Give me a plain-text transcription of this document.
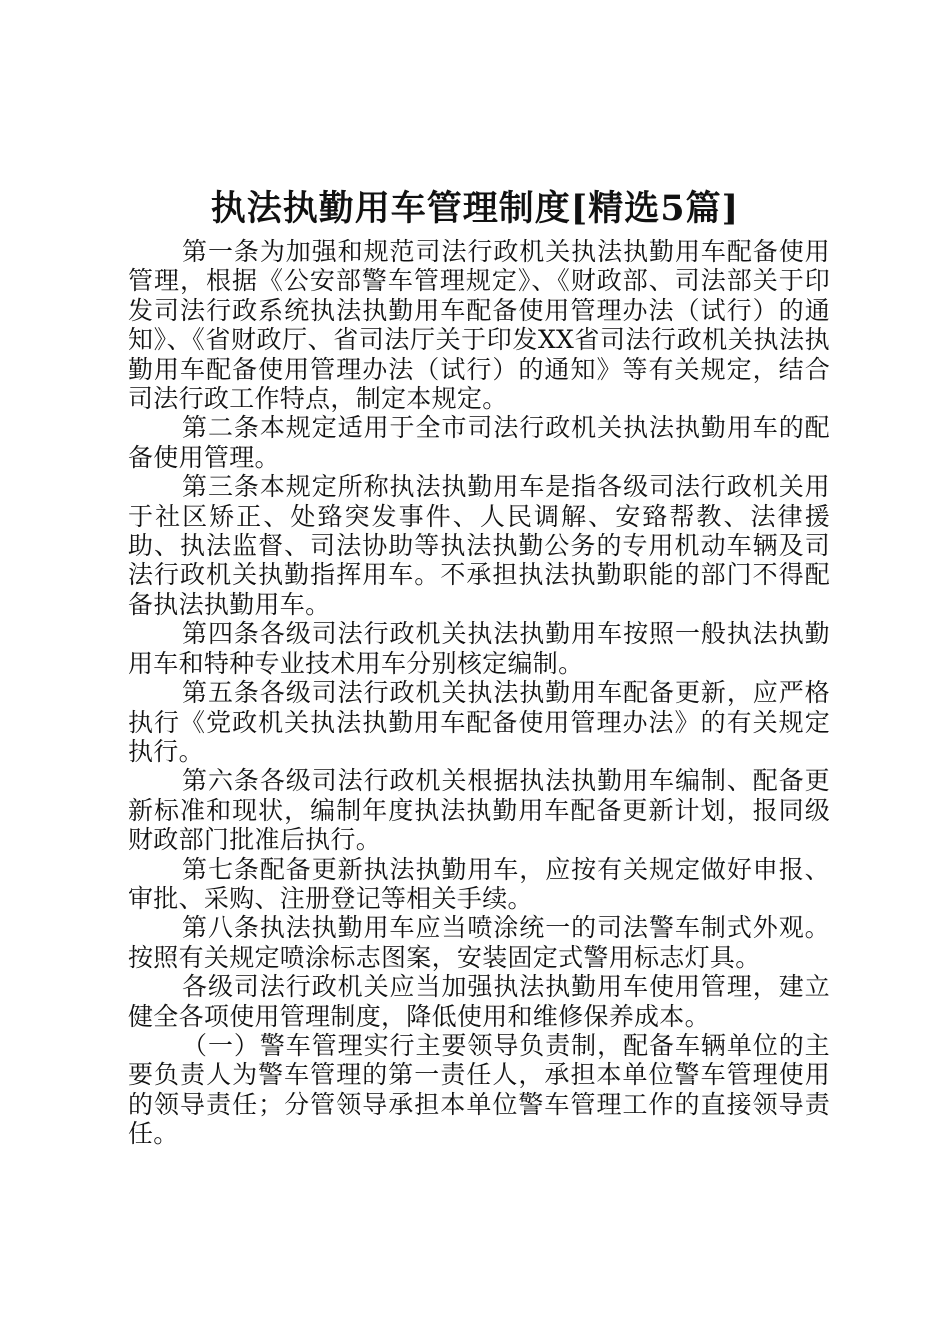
执法执勤用车管理制度[精选5篇]

第一条为加强和规范司法行政机关执法执勤用车配备使用管理，根据《公安部警车管理规定》、《财政部、司法部关于印发司法行政系统执法执勤用车配备使用管理办法（试行）的通知》、《省财政厅、省司法厅关于印发XX省司法行政机关执法执勤用车配备使用管理办法（试行）的通知》等有关规定，结合司法行政工作特点，制定本规定。

第二条本规定适用于全市司法行政机关执法执勤用车的配备使用管理。

第三条本规定所称执法执勤用车是指各级司法行政机关用于社区矫正、处臵突发事件、人民调解、安臵帮教、法律援助、执法监督、司法协助等执法执勤公务的专用机动车辆及司法行政机关执勤指挥用车。不承担执法执勤职能的部门不得配备执法执勤用车。

第四条各级司法行政机关执法执勤用车按照一般执法执勤用车和特种专业技术用车分别核定编制。

第五条各级司法行政机关执法执勤用车配备更新，应严格执行《党政机关执法执勤用车配备使用管理办法》的有关规定执行。

第六条各级司法行政机关根据执法执勤用车编制、配备更新标准和现状，编制年度执法执勤用车配备更新计划，报同级财政部门批准后执行。

第七条配备更新执法执勤用车，应按有关规定做好申报、审批、采购、注册登记等相关手续。

第八条执法执勤用车应当喷涂统一的司法警车制式外观。按照有关规定喷涂标志图案，安装固定式警用标志灯具。

各级司法行政机关应当加强执法执勤用车使用管理，建立健全各项使用管理制度，降低使用和维修保养成本。

（一）警车管理实行主要领导负责制，配备车辆单位的主要负责人为警车管理的第一责任人，承担本单位警车管理使用的领导责任；分管领导承担本单位警车管理工作的直接领导责任。
